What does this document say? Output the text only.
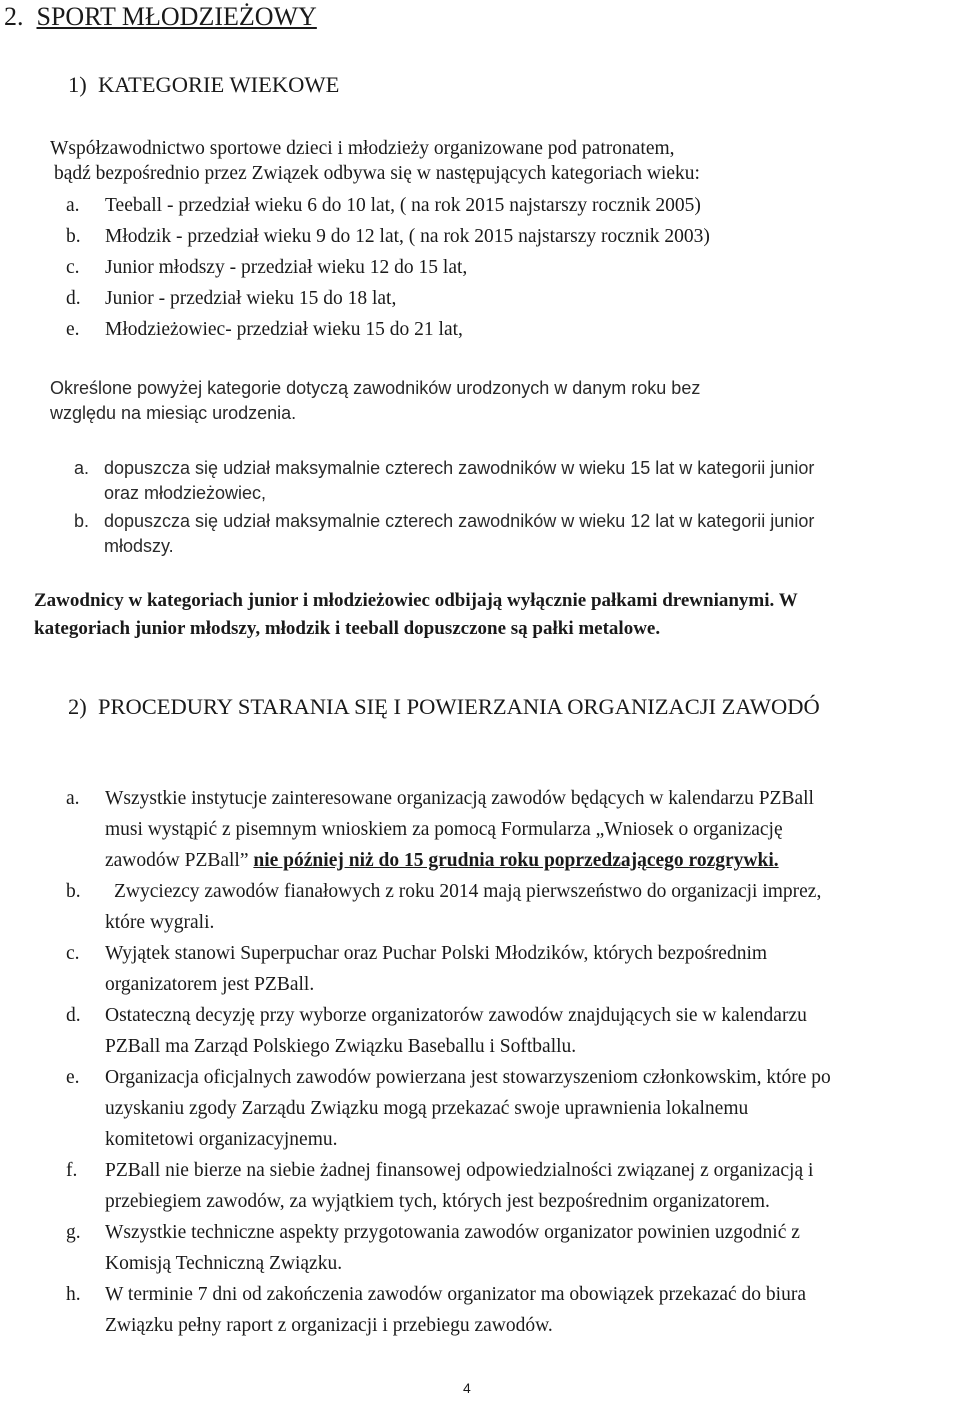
2. SPORT MŁODZIEŻOWY
1)  KATEGORIE WIEKOWE
Współzawodnictwo sportowe dzieci i młodzieży organizowane pod patronatem,
bądź bezpośrednio przez Związek odbywa się w następujących kategoriach wieku:
a. Teeball - przedział wieku 6 do 10 lat, ( na rok 2015 najstarszy rocznik 2005)
b. Młodzik - przedział wieku 9 do 12 lat, ( na rok 2015 najstarszy rocznik 2003)
c. Junior młodszy - przedział wieku 12 do 15 lat,
d. Junior - przedział wieku 15 do 18 lat,
e. Młodzieżowiec- przedział wieku 15 do 21 lat,
Określone powyżej kategorie dotyczą zawodników urodzonych w danym roku bez
względu na miesiąc urodzenia.
a. dopuszcza się udział maksymalnie czterech zawodników w wieku 15 lat w kategorii junior
oraz młodzieżowiec,
b. dopuszcza się udział maksymalnie czterech zawodników w wieku 12 lat w kategorii junior
młodszy.
Zawodnicy w kategoriach junior i młodzieżowiec odbijają wyłącznie pałkami drewnianymi. W
kategoriach junior młodszy, młodzik i teeball dopuszczone są pałki metalowe.
2)  PROCEDURY STARANIA SIĘ I POWIERZANIA ORGANIZACJI ZAWODÓ
a. Wszystkie instytucje zainteresowane organizacją zawodów będących w kalendarzu PZBall
musi wystąpić z pisemnym wnioskiem za pomocą Formularza „Wniosek o organizację
zawodów PZBall” nie później niż do 15 grudnia roku poprzedzającego rozgrywki.
b. Zwyciezcy zawodów fianałowych z roku 2014 mają pierwszeństwo do organizacji imprez,
które wygrali.
c. Wyjątek stanowi Superpuchar oraz Puchar Polski Młodzików, których bezpośrednim
organizatorem jest PZBall.
d. Ostateczną decyzję przy wyborze organizatorów zawodów znajdujących sie w kalendarzu
PZBall ma Zarząd Polskiego Związku Baseballu i Softballu.
e. Organizacja oficjalnych zawodów powierzana jest stowarzyszeniom członkowskim, które po
uzyskaniu zgody Zarządu Związku mogą przekazać swoje uprawnienia lokalnemu
komitetowi organizacyjnemu.
f. PZBall nie bierze na siebie żadnej finansowej odpowiedzialności związanej z organizacją i
przebiegiem zawodów, za wyjątkiem tych, których jest bezpośrednim organizatorem.
g. Wszystkie techniczne aspekty przygotowania zawodów organizator powinien uzgodnić z
Komisją Techniczną Związku.
h. W terminie 7 dni od zakończenia zawodów organizator ma obowiązek przekazać do biura
Związku pełny raport z organizacji i przebiegu zawodów.
4
